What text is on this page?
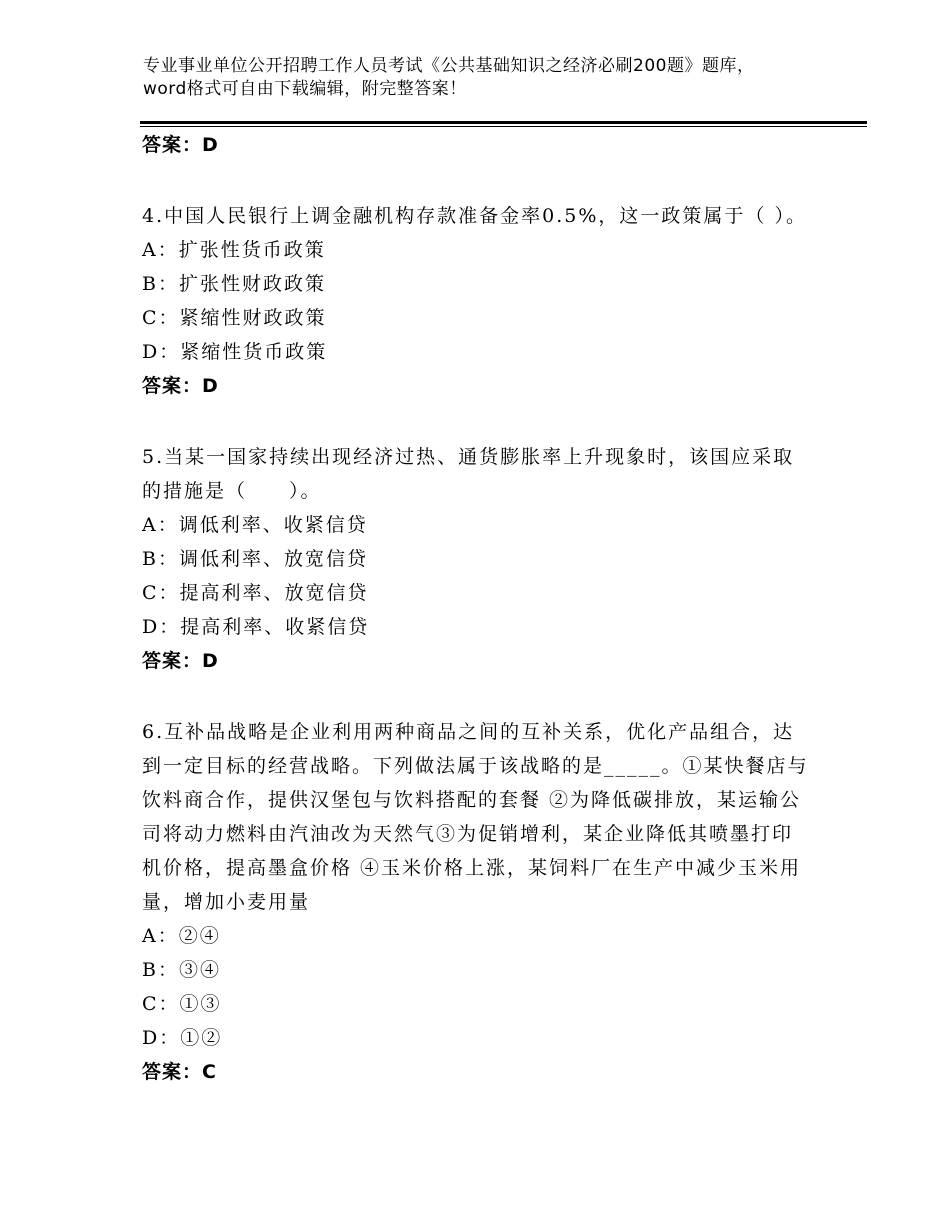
专业事业单位公开招聘工作人员考试《公共基础知识之经济必刷200题》题库，word格式可自由下载编辑，附完整答案！
答案：D
4.中国人民银行上调金融机构存款准备金率0.5%，这一政策属于（ ）。
A：扩张性货币政策
B：扩张性财政政策
C：紧缩性财政政策
D：紧缩性货币政策
答案：D
5.当某一国家持续出现经济过热、通货膨胀率上升现象时，该国应采取的措施是（　　）。
A：调低利率、收紧信贷
B：调低利率、放宽信贷
C：提高利率、放宽信贷
D：提高利率、收紧信贷
答案：D
6.互补品战略是企业利用两种商品之间的互补关系，优化产品组合，达到一定目标的经营战略。下列做法属于该战略的是_____。①某快餐店与饮料商合作，提供汉堡包与饮料搭配的套餐 ②为降低碳排放，某运输公司将动力燃料由汽油改为天然气③为促销增利，某企业降低其喷墨打印机价格，提高墨盒价格 ④玉米价格上涨，某饲料厂在生产中减少玉米用量，增加小麦用量
A：②④
B：③④
C：①③
D：①②
答案：C
